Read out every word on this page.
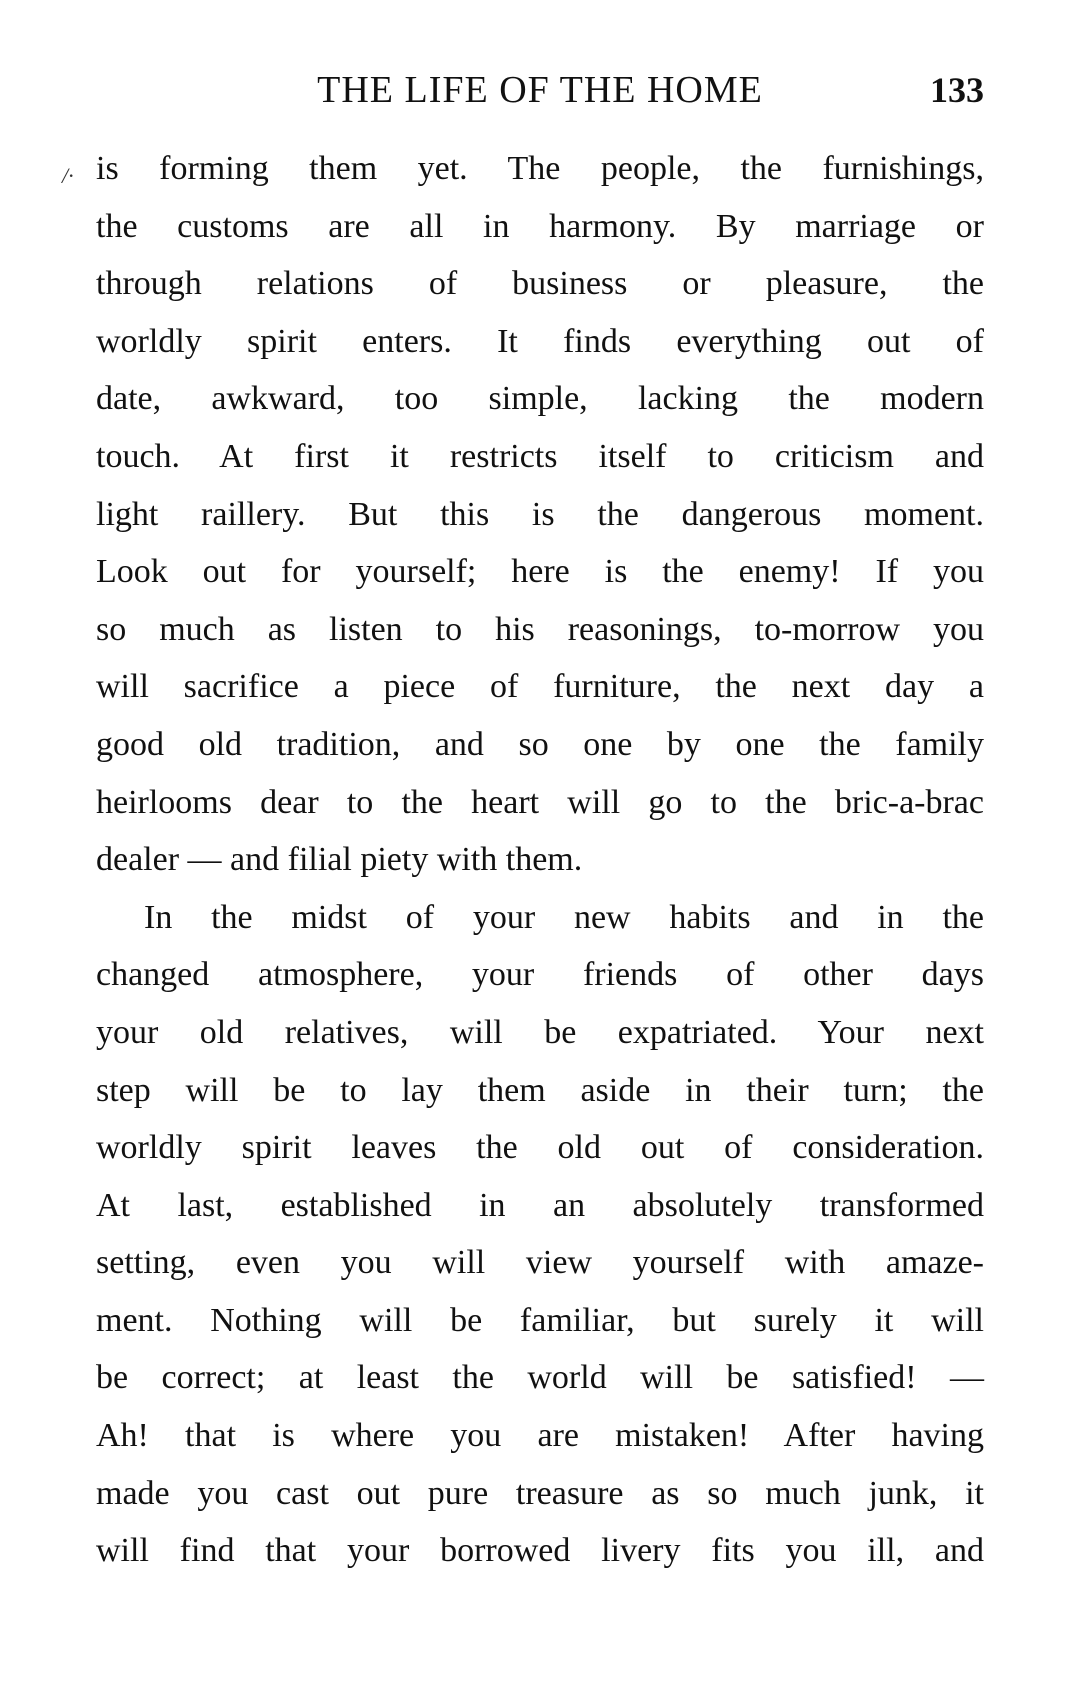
THE LIFE OF THE HOME	133
/· is forming them yet. The people, the furnishings,
the customs are all in harmony. By marriage or
through relations of business or pleasure, the
worldly spirit enters. It finds everything out of
date, awkward, too simple, lacking the modern
touch. At first it restricts itself to criticism and
light raillery. But this is the dangerous moment.
Look out for yourself; here is the enemy! If you
so much as listen to his reasonings, to-morrow you
will sacrifice a piece of furniture, the next day a
good old tradition, and so one by one the family
heirlooms dear to the heart will go to the bric-a-brac
dealer — and filial piety with them.
In the midst of your new habits and in the
changed atmosphere, your friends of other days
your old relatives, will be expatriated. Your next
step will be to lay them aside in their turn; the
worldly spirit leaves the old out of consideration.
At last, established in an absolutely transformed
setting, even you will view yourself with amaze-
ment. Nothing will be familiar, but surely it will
be correct; at least the world will be satisfied! —
Ah! that is where you are mistaken! After having
made you cast out pure treasure as so much junk, it
will find that your borrowed livery fits you ill, and
